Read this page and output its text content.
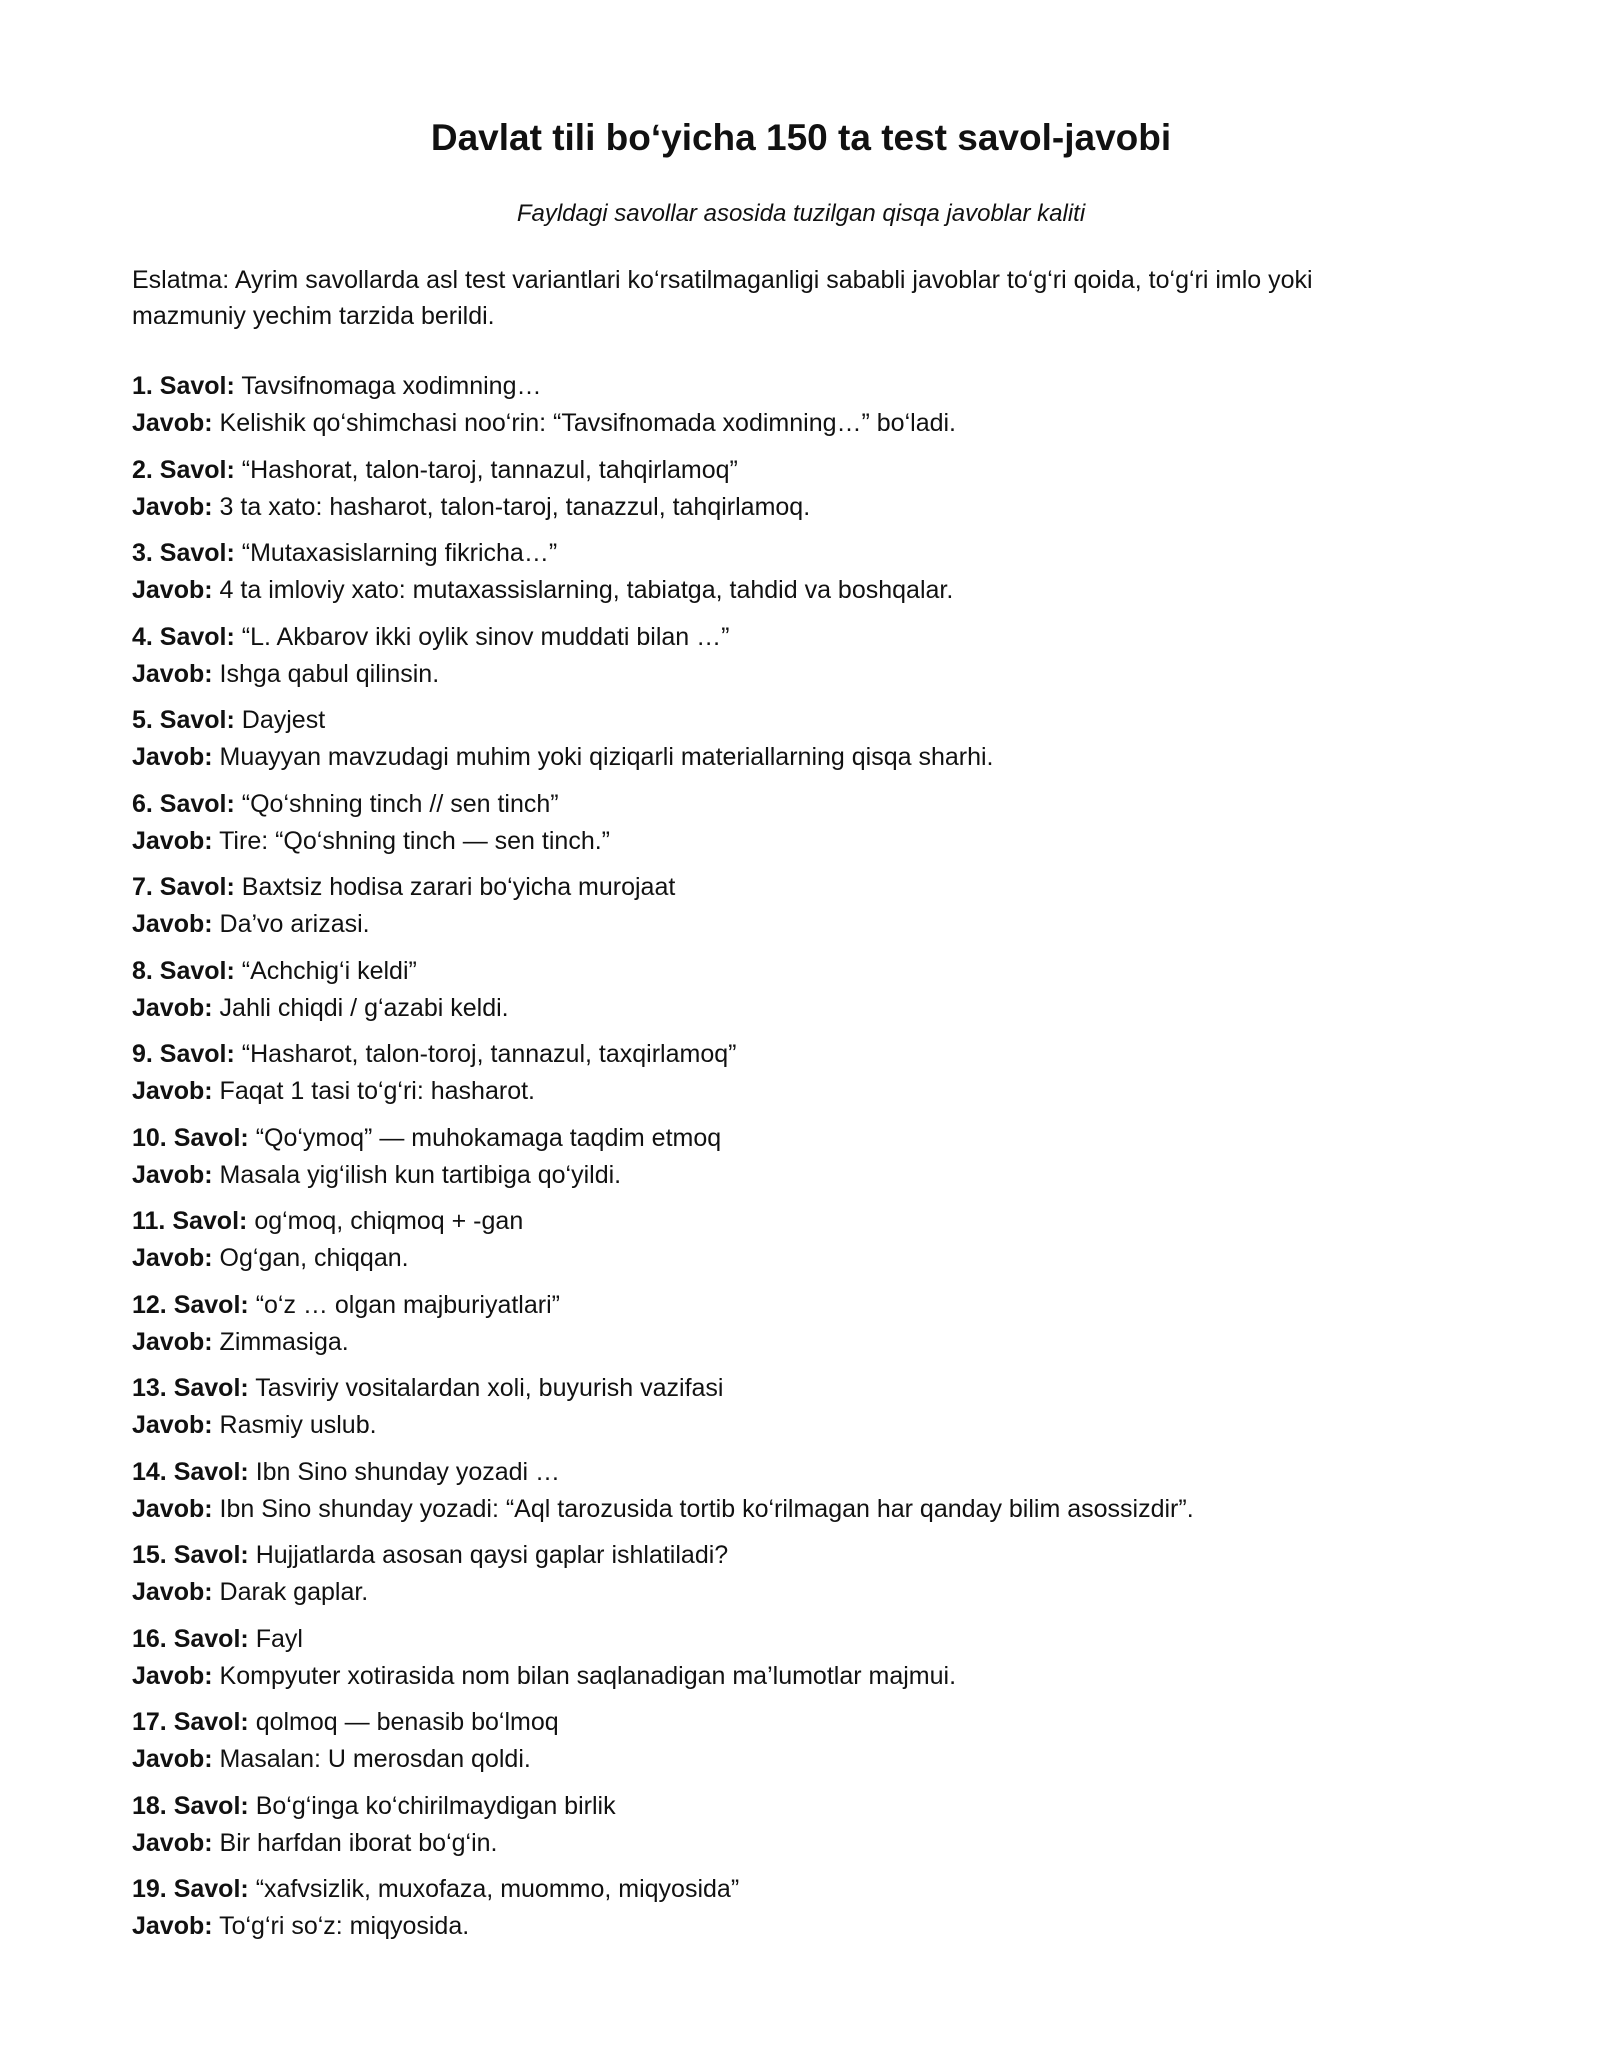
Davlat tili bo‘yicha 150 ta test savol-javobi

Fayldagi savollar asosida tuzilgan qisqa javoblar kaliti

Eslatma: Ayrim savollarda asl test variantlari ko‘rsatilmaganligi sababli javoblar to‘g‘ri qoida, to‘g‘ri imlo yoki mazmuniy yechim tarzida berildi.

1. Savol: Tavsifnomaga xodimning…
Javob: Kelishik qo‘shimchasi noo‘rin: “Tavsifnomada xodimning…” bo‘ladi.
2. Savol: “Hashorat, talon-taroj, tannazul, tahqirlamoq”
Javob: 3 ta xato: hasharot, talon-taroj, tanazzul, tahqirlamoq.
3. Savol: “Mutaxasislarning fikricha…”
Javob: 4 ta imloviy xato: mutaxassislarning, tabiatga, tahdid va boshqalar.
4. Savol: “L. Akbarov ikki oylik sinov muddati bilan …”
Javob: Ishga qabul qilinsin.
5. Savol: Dayjest
Javob: Muayyan mavzudagi muhim yoki qiziqarli materiallarning qisqa sharhi.
6. Savol: “Qo‘shning tinch // sen tinch”
Javob: Tire: “Qo‘shning tinch — sen tinch.”
7. Savol: Baxtsiz hodisa zarari bo‘yicha murojaat
Javob: Da’vo arizasi.
8. Savol: “Achchig‘i keldi”
Javob: Jahli chiqdi / g‘azabi keldi.
9. Savol: “Hasharot, talon-toroj, tannazul, taxqirlamoq”
Javob: Faqat 1 tasi to‘g‘ri: hasharot.
10. Savol: “Qo‘ymoq” — muhokamaga taqdim etmoq
Javob: Masala yig‘ilish kun tartibiga qo‘yildi.
11. Savol: og‘moq, chiqmoq + -gan
Javob: Og‘gan, chiqqan.
12. Savol: “o‘z … olgan majburiyatlari”
Javob: Zimmasiga.
13. Savol: Tasviriy vositalardan xoli, buyurish vazifasi
Javob: Rasmiy uslub.
14. Savol: Ibn Sino shunday yozadi …
Javob: Ibn Sino shunday yozadi: “Aql tarozusida tortib ko‘rilmagan har qanday bilim asossizdir”.
15. Savol: Hujjatlarda asosan qaysi gaplar ishlatiladi?
Javob: Darak gaplar.
16. Savol: Fayl
Javob: Kompyuter xotirasida nom bilan saqlanadigan ma’lumotlar majmui.
17. Savol: qolmoq — benasib bo‘lmoq
Javob: Masalan: U merosdan qoldi.
18. Savol: Bo‘g‘inga ko‘chirilmaydigan birlik
Javob: Bir harfdan iborat bo‘g‘in.
19. Savol: “xafvsizlik, muxofaza, muommo, miqyosida”
Javob: To‘g‘ri so‘z: miqyosida.
